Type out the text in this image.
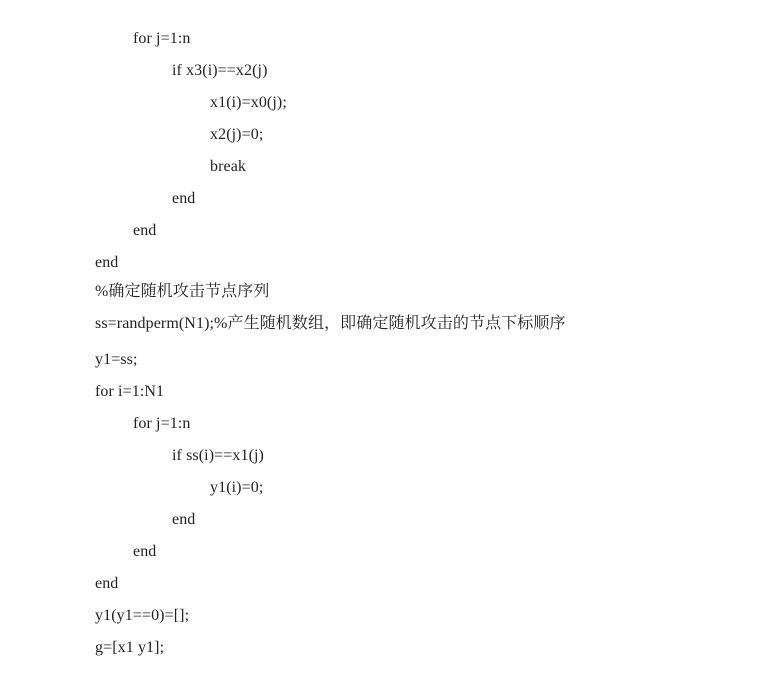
for j=1:n
if x3(i)==x2(j)
x1(i)=x0(j);
x2(j)=0;
break
end
end
end
%确定随机攻击节点序列
ss=randperm(N1);%产生随机数组，即确定随机攻击的节点下标顺序
y1=ss;
for i=1:N1
for j=1:n
if ss(i)==x1(j)
y1(i)=0;
end
end
end
y1(y1==0)=[];
g=[x1 y1];
